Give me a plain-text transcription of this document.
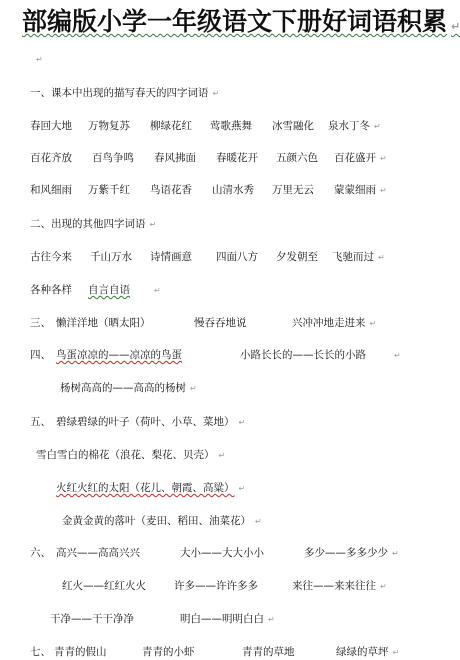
部编版小学一年级语文下册好词语积累 ↵
↵
一、课本中出现的描写春天的四字词语 ↵
春回大地 万物复苏 柳绿花红 莺歌燕舞 冰雪融化 泉水丁冬 ↵
百花齐放 百鸟争鸣 春风拂面 春暖花开 五颜六色 百花盛开 ↵
和风细雨 万紫千红 鸟语花香 山清水秀 万里无云 蒙蒙细雨 ↵
二、出现的其他四字词语 ↵
古往今来 千山万水 诗情画意 四面八方 夕发朝至 飞驰而过 ↵
各种各样 自言自语	↵
三、 懒洋洋地（晒太阳）	慢吞吞地说	兴冲冲地走进来 ↵
四、 鸟蛋凉凉的——凉凉的鸟蛋	小路长长的——长长的小路	↵
杨树高高的——高高的杨树 ↵
五、 碧绿碧绿的叶子（荷叶、小草、菜地） ↵
雪白雪白的棉花（浪花、梨花、贝壳） ↵
火红火红的太阳（花儿、朝霞、高粱） ↵
金黄金黄的落叶（麦田、稻田、油菜花） ↵
六、 高兴——高高兴兴	大小——大大小小	多少——多多少少 ↵
红火——红红火火	许多——许许多多	来往——来来往往 ↵
干净——干干净净	明白——明明白白 ↵
七、 青青的假山	青青的小虾	青青的草地	绿绿的草坪 ↵
